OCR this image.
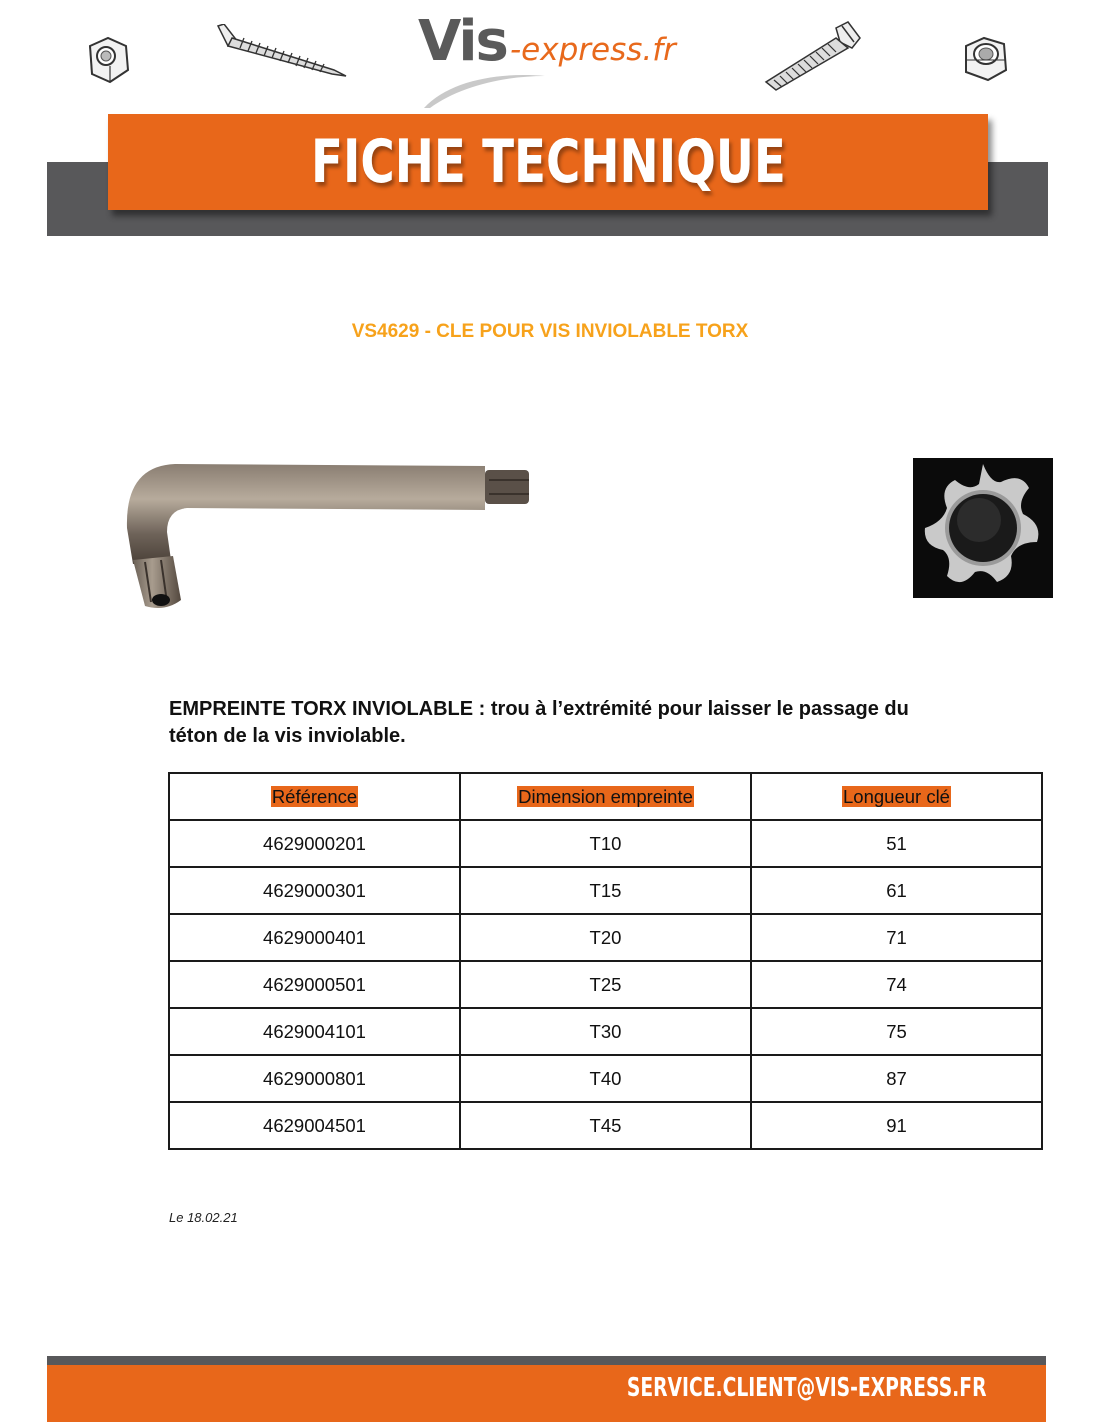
Vis -express.fr
FICHE TECHNIQUE
VS4629 - CLE POUR VIS INVIOLABLE TORX
EMPREINTE TORX INVIOLABLE : trou à l’extrémité pour laisser le passage du téton de la vis inviolable.
Référence	Dimension empreinte	Longueur clé
4629000201	T10	51
4629000301	T15	61
4629000401	T20	71
4629000501	T25	74
4629004101	T30	75
4629000801	T40	87
4629004501	T45	91
Le 18.02.21
SERVICE.CLIENT@VIS-EXPRESS.FR
